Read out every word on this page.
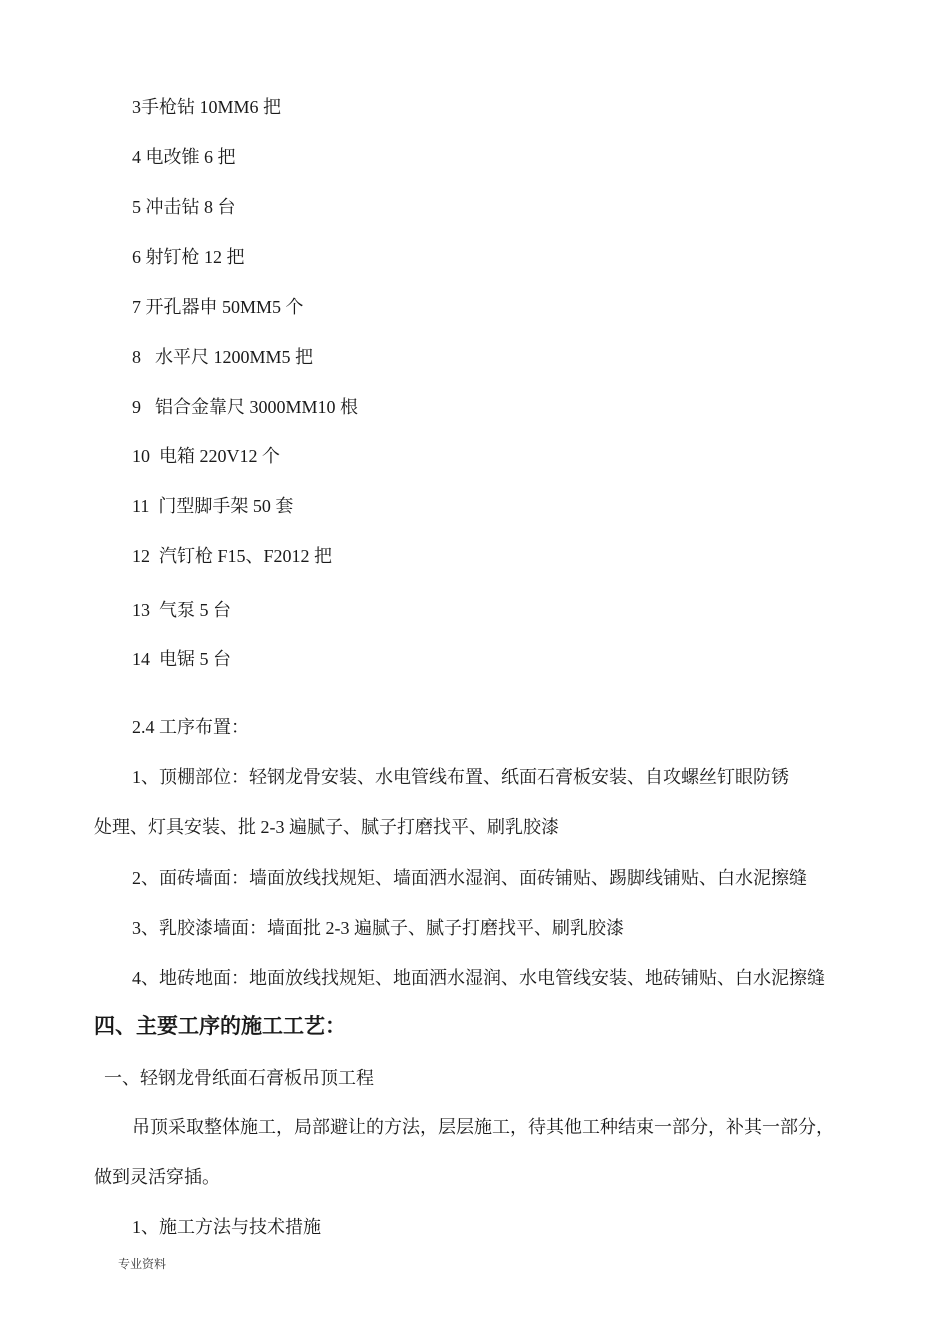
3手枪钻 10MM6 把
4 电改锥 6 把
5 冲击钻 8 台
6 射钉枪 12 把
7 开孔器申 50MM5 个
8 水平尺 1200MM5 把
9 铝合金靠尺 3000MM10 根
10 电箱 220V12 个
11 门型脚手架 50 套
12 汽钉枪 F15、F2012 把
13 气泵 5 台
14 电锯 5 台
2.4 工序布置：
1、顶棚部位：轻钢龙骨安装、水电管线布置、纸面石膏板安装、自攻螺丝钉眼防锈
处理、灯具安装、批 2-3 遍腻子、腻子打磨找平、刷乳胶漆
2、面砖墙面：墙面放线找规矩、墙面洒水湿润、面砖铺贴、踢脚线铺贴、白水泥擦缝
3、乳胶漆墙面：墙面批 2-3 遍腻子、腻子打磨找平、刷乳胶漆
4、地砖地面：地面放线找规矩、地面洒水湿润、水电管线安装、地砖铺贴、白水泥擦缝
四、主要工序的施工工艺：
一、轻钢龙骨纸面石膏板吊顶工程
吊顶采取整体施工，局部避让的方法，层层施工，待其他工种结束一部分，补其一部分，
做到灵活穿插。
1、施工方法与技术措施
专业资料
